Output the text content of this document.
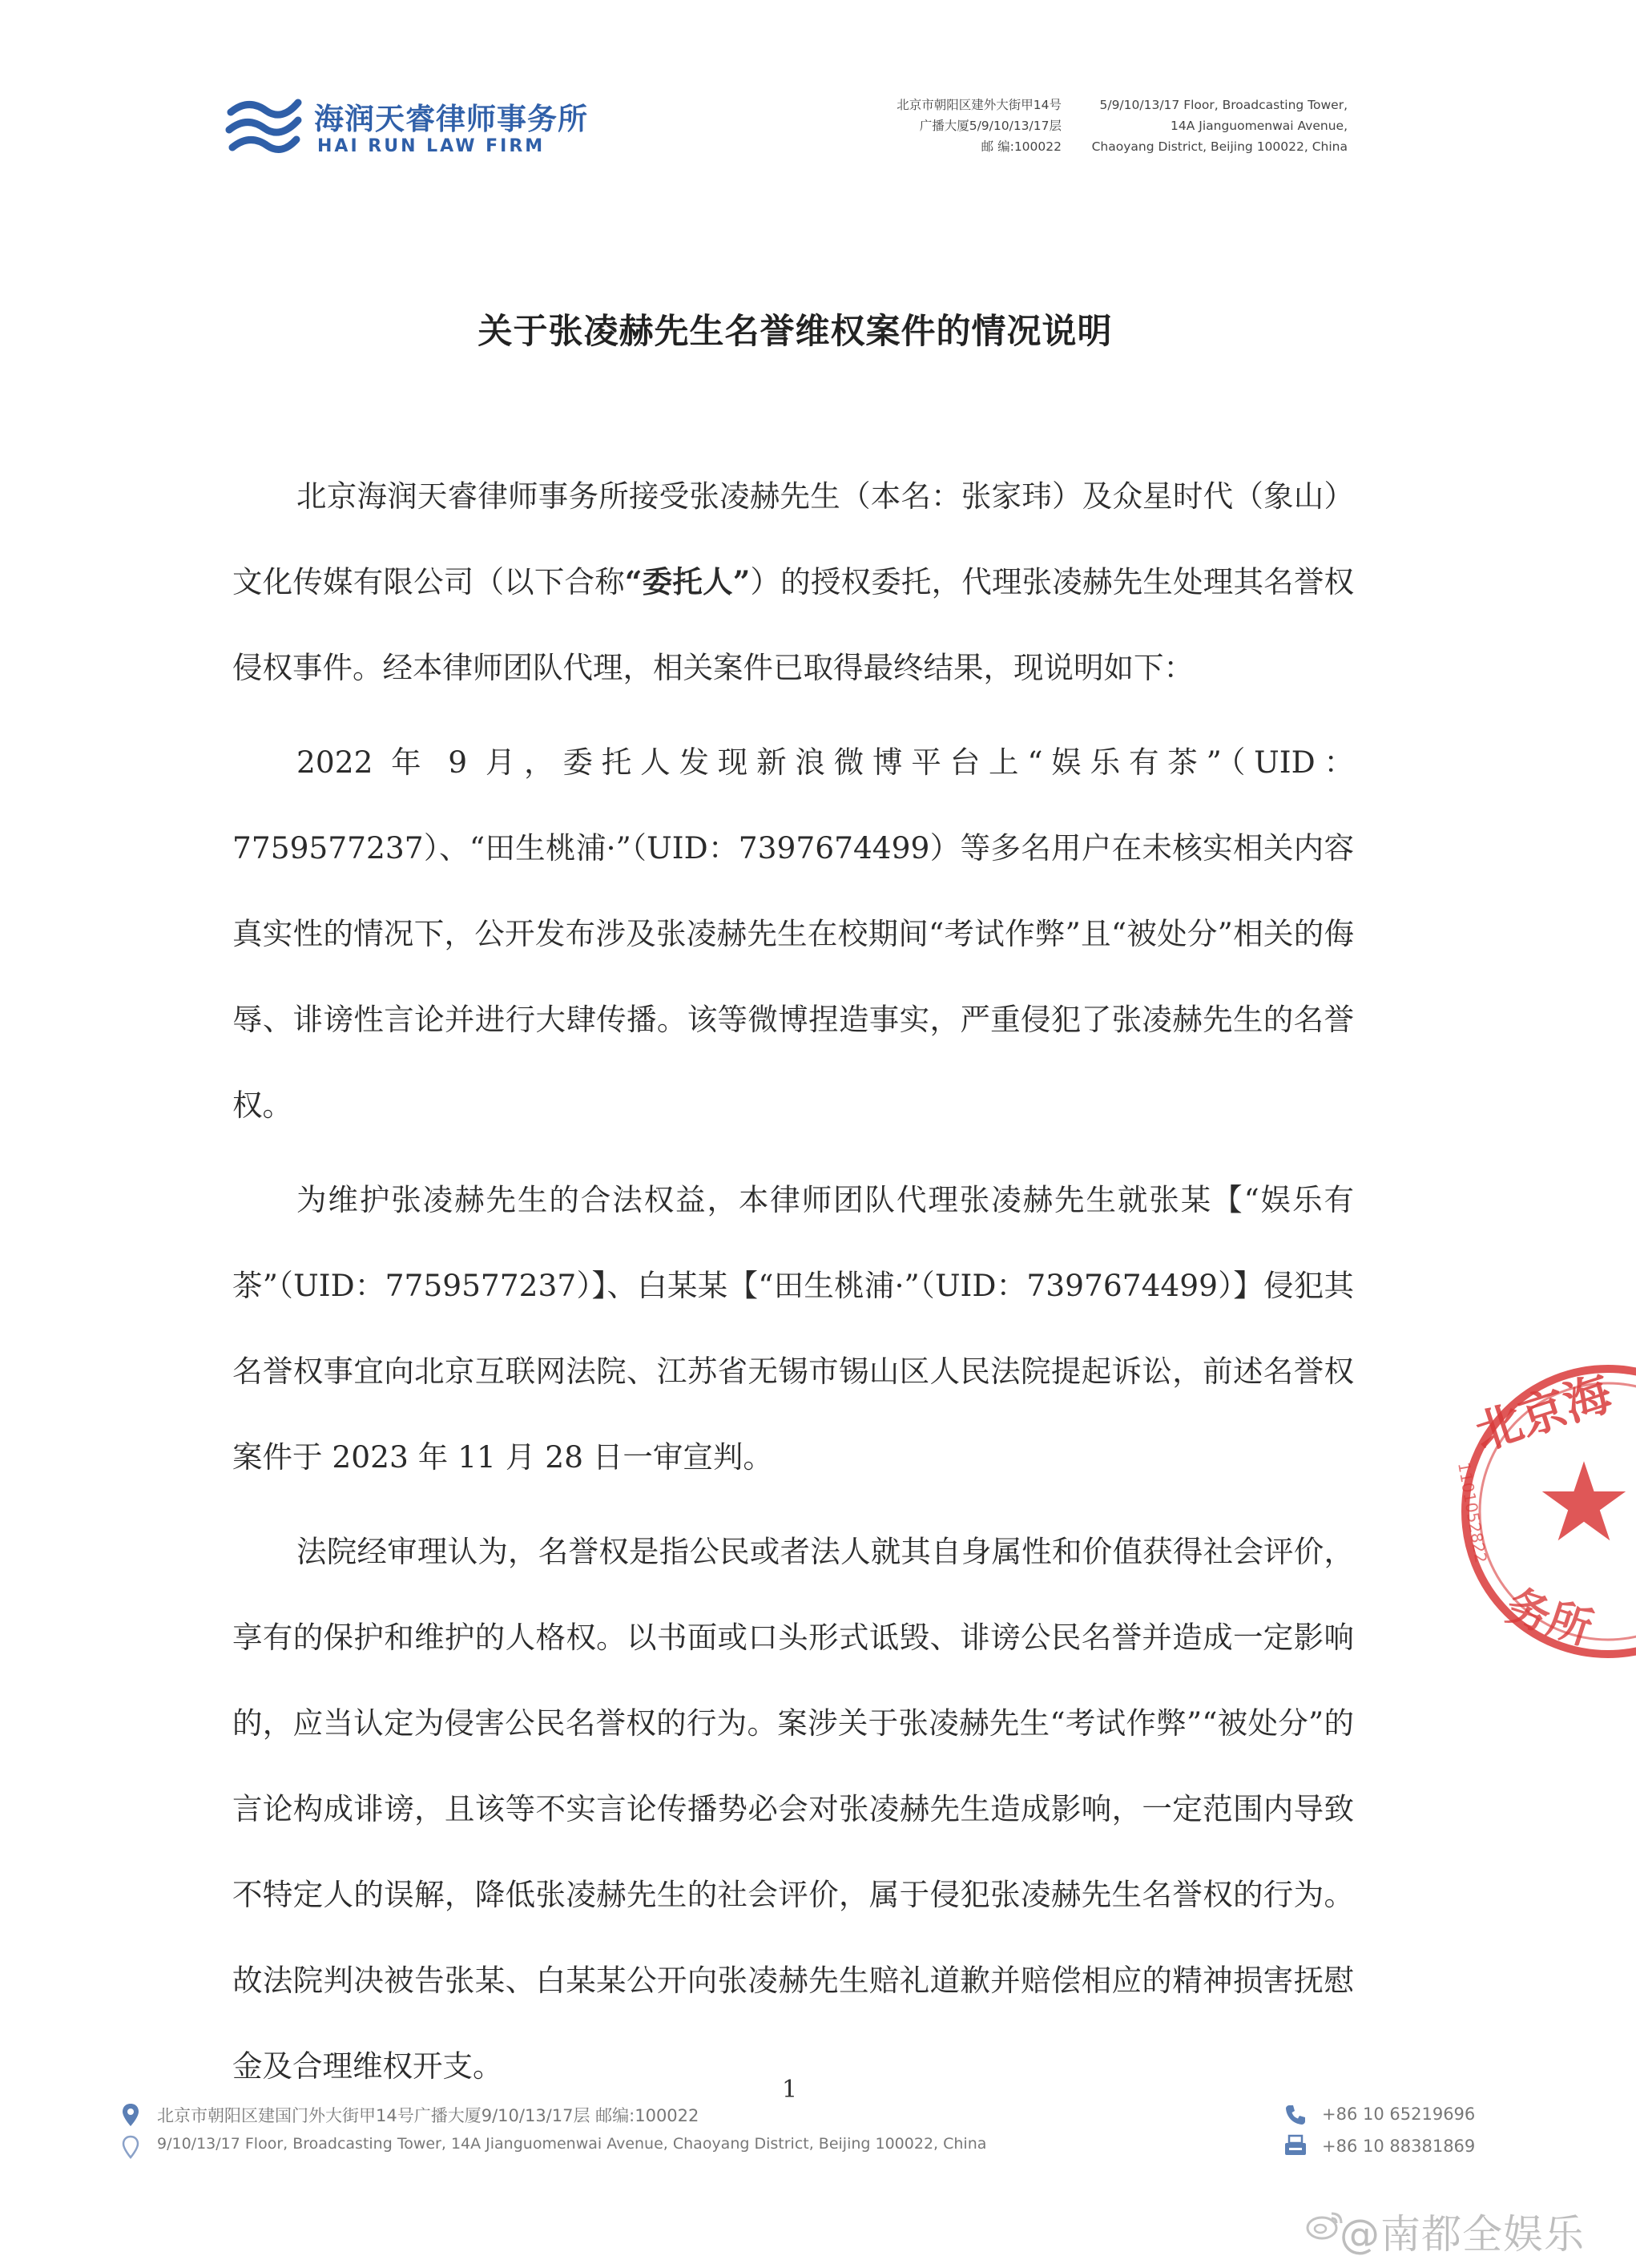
海润天睿律师事务所
HAI RUN LAW FIRM
北京市朝阳区建外大街甲14号
广播大厦5/9/10/13/17层
邮 编:100022
5/9/10/13/17 Floor, Broadcasting Tower,
14A Jianguomenwai Avenue,
Chaoyang District, Beijing 100022, China
关于张凌赫先生名誉维权案件的情况说明

北京海润天睿律师事务所接受张凌赫先生（本名：张家玮）及众星时代（象山）文化传媒有限公司（以下合称“委托人”）的授权委托，代理张凌赫先生处理其名誉权侵权事件。经本律师团队代理，相关案件已取得最终结果，现说明如下：

2022 年 9 月，委托人发现新浪微博平台上“娱乐有茶”（UID：7759577237）、“田生桃浦·”（UID：7397674499）等多名用户在未核实相关内容真实性的情况下，公开发布涉及张凌赫先生在校期间“考试作弊”且“被处分”相关的侮辱、诽谤性言论并进行大肆传播。该等微博捏造事实，严重侵犯了张凌赫先生的名誉权。

为维护张凌赫先生的合法权益，本律师团队代理张凌赫先生就张某【“娱乐有茶”（UID：7759577237）】、白某某【“田生桃浦·”（UID：7397674499）】侵犯其名誉权事宜向北京互联网法院、江苏省无锡市锡山区人民法院提起诉讼，前述名誉权案件于 2023 年 11 月 28 日一审宣判。

法院经审理认为，名誉权是指公民或者法人就其自身属性和价值获得社会评价，享有的保护和维护的人格权。以书面或口头形式诋毁、诽谤公民名誉并造成一定影响的，应当认定为侵害公民名誉权的行为。案涉关于张凌赫先生“考试作弊”“被处分”的言论构成诽谤，且该等不实言论传播势必会对张凌赫先生造成影响，一定范围内导致不特定人的误解，降低张凌赫先生的社会评价，属于侵犯张凌赫先生名誉权的行为。故法院判决被告张某、白某某公开向张凌赫先生赔礼道歉并赔偿相应的精神损害抚慰金及合理维权开支。

北京海
务所
1101052822
1
北京市朝阳区建国门外大街甲14号广播大厦9/10/13/17层 邮编:100022
9/10/13/17 Floor, Broadcasting Tower, 14A Jianguomenwai Avenue, Chaoyang District, Beijing 100022, China
+86 10 65219696
+86 10 88381869
@南都全娱乐
